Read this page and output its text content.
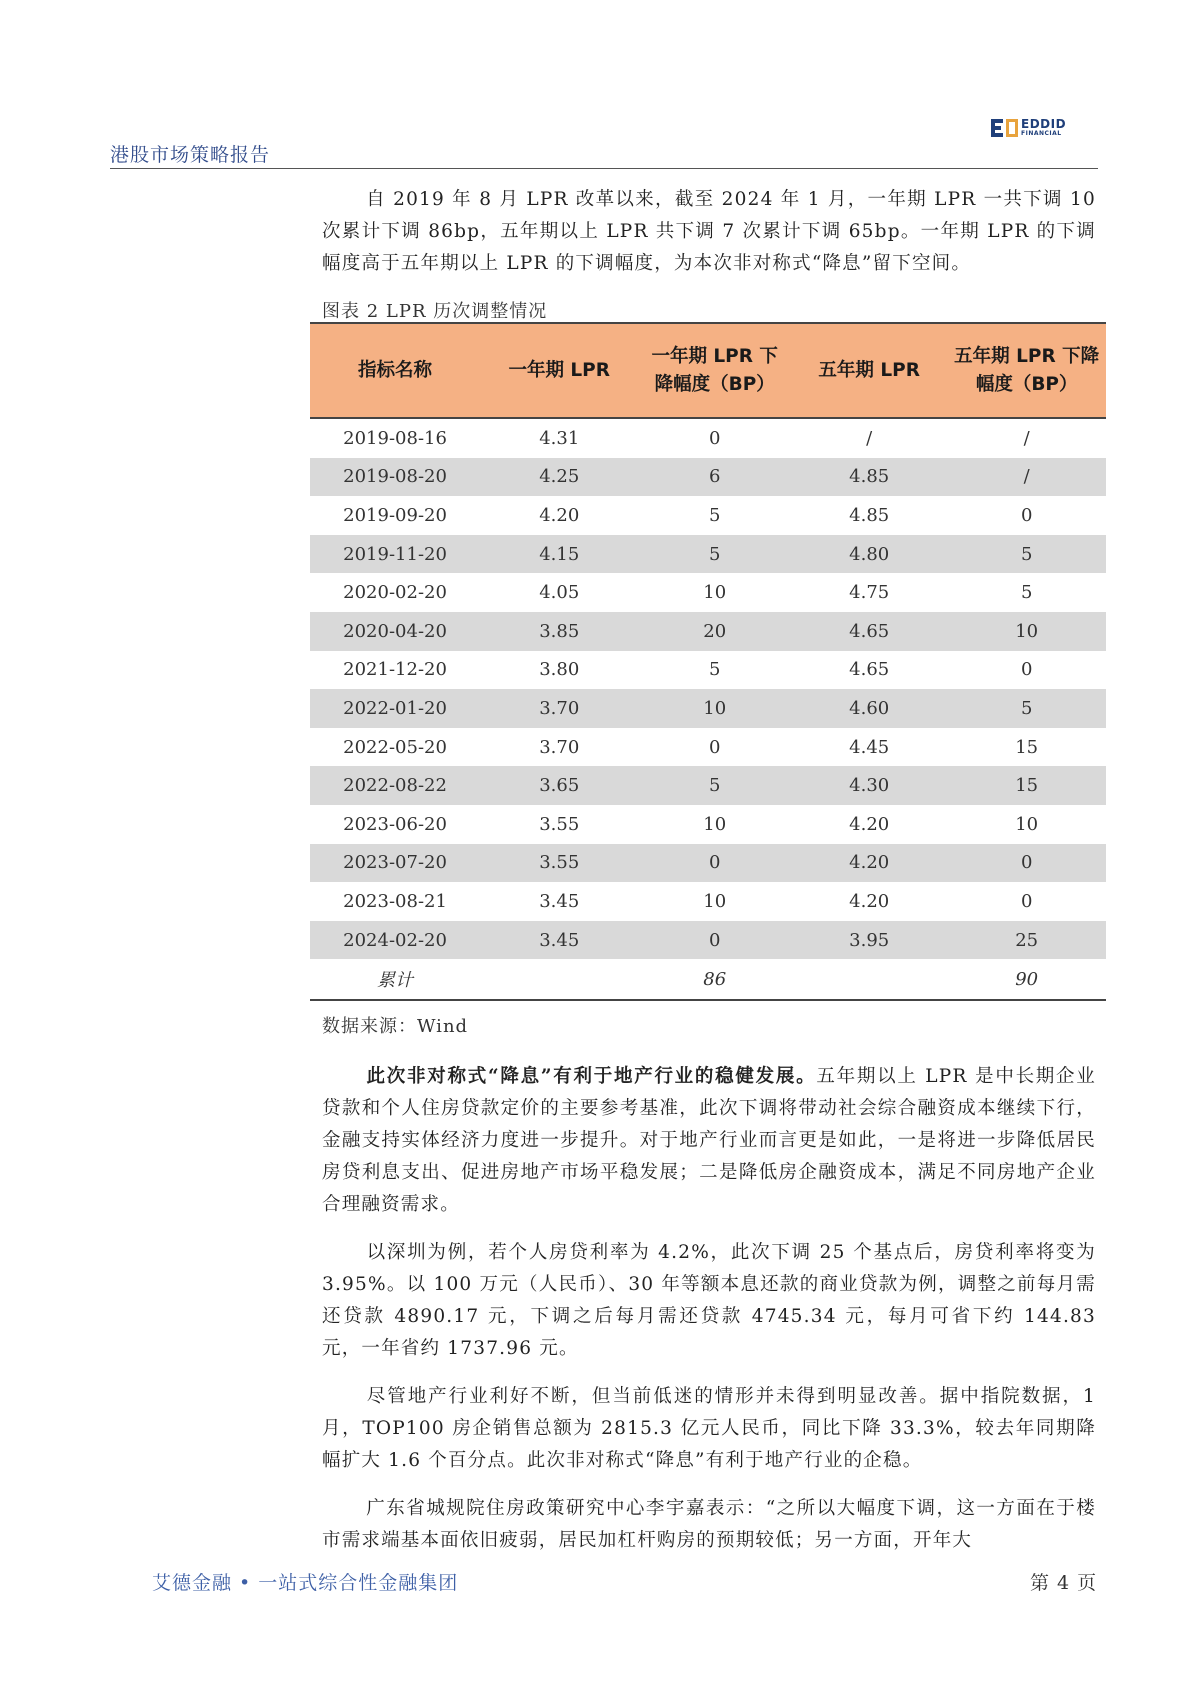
港股市场策略报告
EDDID
FINANCIAL

自 2019 年 8 月 LPR 改革以来，截至 2024 年 1 月，一年期 LPR 一共下调 10 次累计下调 86bp，五年期以上 LPR 共下调 7 次累计下调 65bp。一年期 LPR 的下调幅度高于五年期以上 LPR 的下调幅度，为本次非对称式“降息”留下空间。

图表 2 LPR 历次调整情况
指标名称	一年期 LPR	一年期 LPR 下降幅度（BP）	五年期 LPR	五年期 LPR 下降幅度（BP）
2019-08-16	4.31	0	/	/
2019-08-20	4.25	6	4.85	/
2019-09-20	4.20	5	4.85	0
2019-11-20	4.15	5	4.80	5
2020-02-20	4.05	10	4.75	5
2020-04-20	3.85	20	4.65	10
2021-12-20	3.80	5	4.65	0
2022-01-20	3.70	10	4.60	5
2022-05-20	3.70	0	4.45	15
2022-08-22	3.65	5	4.30	15
2023-06-20	3.55	10	4.20	10
2023-07-20	3.55	0	4.20	0
2023-08-21	3.45	10	4.20	0
2024-02-20	3.45	0	3.95	25
累计		86		90
数据来源：Wind

此次非对称式“降息”有利于地产行业的稳健发展。五年期以上 LPR 是中长期企业贷款和个人住房贷款定价的主要参考基准，此次下调将带动社会综合融资成本继续下行，金融支持实体经济力度进一步提升。对于地产行业而言更是如此，一是将进一步降低居民房贷利息支出、促进房地产市场平稳发展；二是降低房企融资成本，满足不同房地产企业合理融资需求。

以深圳为例，若个人房贷利率为 4.2%，此次下调 25 个基点后，房贷利率将变为 3.95%。以 100 万元（人民币）、30 年等额本息还款的商业贷款为例，调整之前每月需还贷款 4890.17 元，下调之后每月需还贷款 4745.34 元，每月可省下约 144.83 元，一年省约 1737.96 元。

尽管地产行业利好不断，但当前低迷的情形并未得到明显改善。据中指院数据，1 月，TOP100 房企销售总额为 2815.3 亿元人民币，同比下降 33.3%，较去年同期降幅扩大 1.6 个百分点。此次非对称式“降息”有利于地产行业的企稳。

广东省城规院住房政策研究中心李宇嘉表示：“之所以大幅度下调，这一方面在于楼市需求端基本面依旧疲弱，居民加杠杆购房的预期较低；另一方面，开年大

艾德金融 • 一站式综合性金融集团	第 4 页
